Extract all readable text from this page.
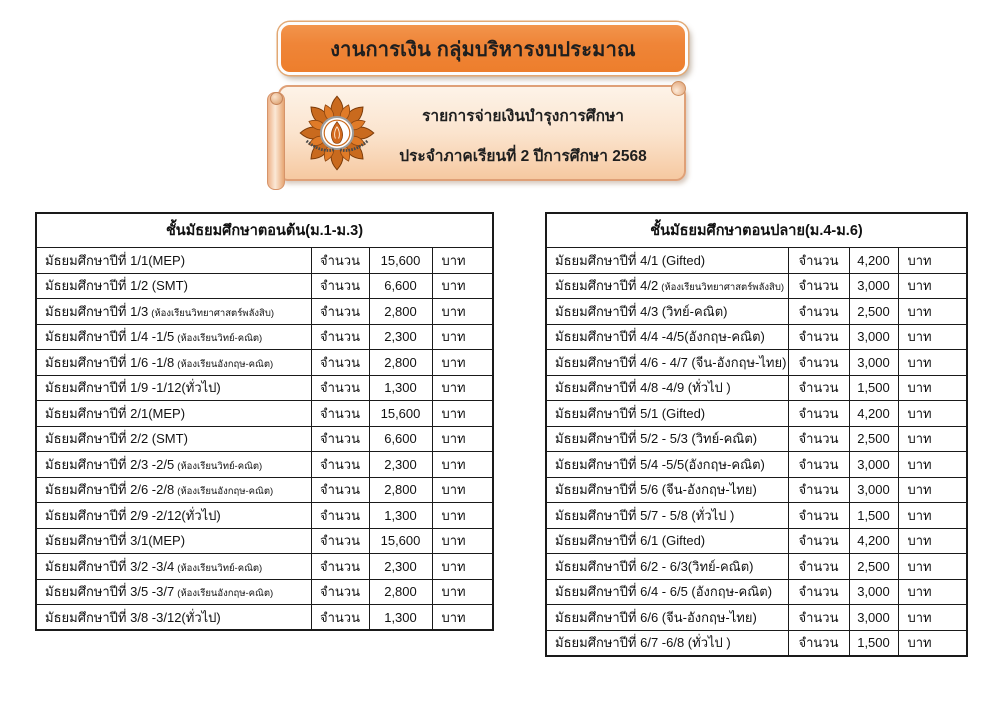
งานการเงิน กลุ่มบริหารงบประมาณ
รายการจ่ายเงินบำรุงการศึกษา
ประจำภาคเรียนที่ 2 ปีการศึกษา 2568
ชั้นมัธยมศึกษาตอนต้น(ม.1-ม.3)			
มัธยมศึกษาปีที่ 1/1(MEP)	จำนวน	15,600	บาท
มัธยมศึกษาปีที่ 1/2 (SMT)	จำนวน	6,600	บาท
มัธยมศึกษาปีที่ 1/3 (ห้องเรียนวิทยาศาสตร์พลังสิบ)	จำนวน	2,800	บาท
มัธยมศึกษาปีที่ 1/4 -1/5 (ห้องเรียนวิทย์-คณิต)	จำนวน	2,300	บาท
มัธยมศึกษาปีที่ 1/6 -1/8 (ห้องเรียนอังกฤษ-คณิต)	จำนวน	2,800	บาท
มัธยมศึกษาปีที่ 1/9 -1/12(ทั่วไป)	จำนวน	1,300	บาท
มัธยมศึกษาปีที่ 2/1(MEP)	จำนวน	15,600	บาท
มัธยมศึกษาปีที่ 2/2 (SMT)	จำนวน	6,600	บาท
มัธยมศึกษาปีที่ 2/3 -2/5 (ห้องเรียนวิทย์-คณิต)	จำนวน	2,300	บาท
มัธยมศึกษาปีที่ 2/6 -2/8 (ห้องเรียนอังกฤษ-คณิต)	จำนวน	2,800	บาท
มัธยมศึกษาปีที่ 2/9 -2/12(ทั่วไป)	จำนวน	1,300	บาท
มัธยมศึกษาปีที่ 3/1(MEP)	จำนวน	15,600	บาท
มัธยมศึกษาปีที่ 3/2 -3/4 (ห้องเรียนวิทย์-คณิต)	จำนวน	2,300	บาท
มัธยมศึกษาปีที่ 3/5 -3/7 (ห้องเรียนอังกฤษ-คณิต)	จำนวน	2,800	บาท
มัธยมศึกษาปีที่ 3/8 -3/12(ทั่วไป)	จำนวน	1,300	บาท
ชั้นมัธยมศึกษาตอนปลาย(ม.4-ม.6)			
มัธยมศึกษาปีที่ 4/1 (Gifted)	จำนวน	4,200	บาท
มัธยมศึกษาปีที่ 4/2 (ห้องเรียนวิทยาศาสตร์พลังสิบ)	จำนวน	3,000	บาท
มัธยมศึกษาปีที่ 4/3 (วิทย์-คณิต)	จำนวน	2,500	บาท
มัธยมศึกษาปีที่ 4/4 -4/5(อังกฤษ-คณิต)	จำนวน	3,000	บาท
มัธยมศึกษาปีที่ 4/6 - 4/7 (จีน-อังกฤษ-ไทย)	จำนวน	3,000	บาท
มัธยมศึกษาปีที่ 4/8 -4/9 (ทั่วไป )	จำนวน	1,500	บาท
มัธยมศึกษาปีที่ 5/1 (Gifted)	จำนวน	4,200	บาท
มัธยมศึกษาปีที่ 5/2 - 5/3 (วิทย์-คณิต)	จำนวน	2,500	บาท
มัธยมศึกษาปีที่ 5/4 -5/5(อังกฤษ-คณิต)	จำนวน	3,000	บาท
มัธยมศึกษาปีที่ 5/6 (จีน-อังกฤษ-ไทย)	จำนวน	3,000	บาท
มัธยมศึกษาปีที่ 5/7 - 5/8 (ทั่วไป )	จำนวน	1,500	บาท
มัธยมศึกษาปีที่ 6/1 (Gifted)	จำนวน	4,200	บาท
มัธยมศึกษาปีที่ 6/2 - 6/3(วิทย์-คณิต)	จำนวน	2,500	บาท
มัธยมศึกษาปีที่ 6/4 - 6/5 (อังกฤษ-คณิต)	จำนวน	3,000	บาท
มัธยมศึกษาปีที่ 6/6 (จีน-อังกฤษ-ไทย)	จำนวน	3,000	บาท
มัธยมศึกษาปีที่ 6/7 -6/8 (ทั่วไป )	จำนวน	1,500	บาท
